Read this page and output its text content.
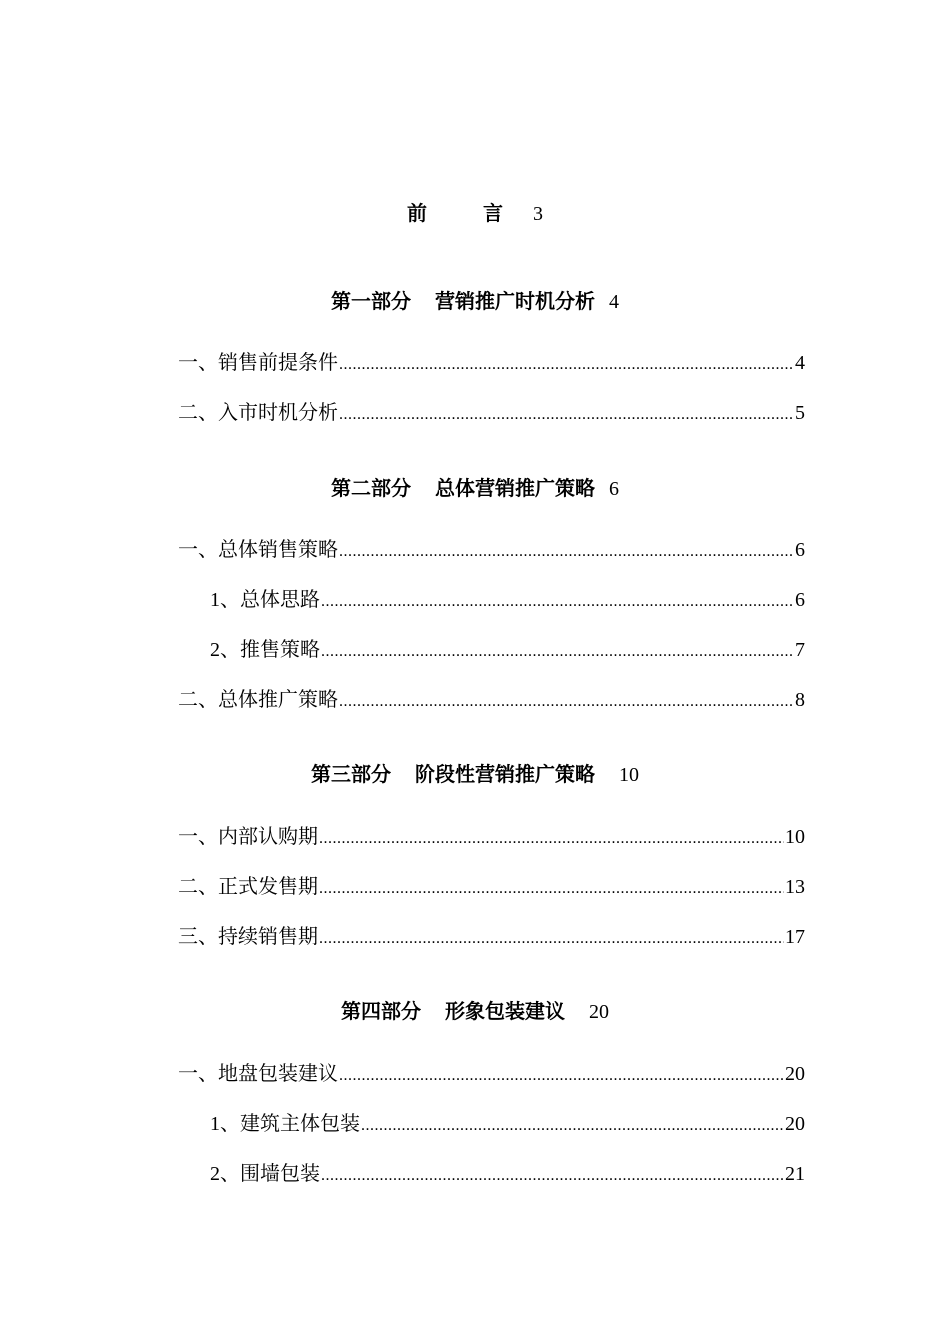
前	言 3
第一部分 营销推广时机分析 4
一、销售前提条件 .....	4
二、入市时机分析 .....	5
第二部分 总体营销推广策略 6
一、总体销售策略 .....	6
1、总体思路 .....	6
2、推售策略 .....	7
二、总体推广策略 .....	8
第三部分 阶段性营销推广策略 10
一、内部认购期 .....	10
二、正式发售期 .....	13
三、持续销售期 .....	17
第四部分 形象包装建议 20
一、地盘包装建议 .....	20
1、建筑主体包装 .....	20
2、围墙包装 .....	21
